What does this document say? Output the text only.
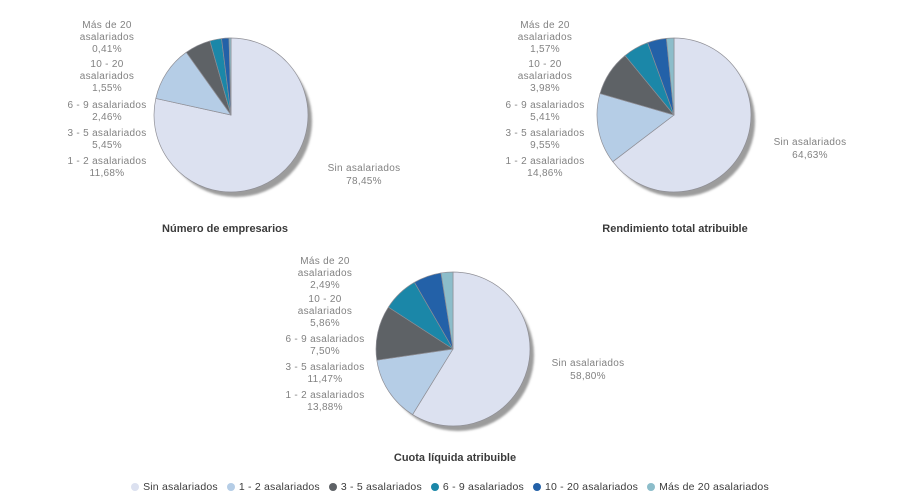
Más de 20
asalariados
0,41%
10 - 20
asalariados
1,55%
6 - 9 asalariados
2,46%
3 - 5 asalariados
5,45%
1 - 2 asalariados
11,68%	Sin asalariados
78,45%
Número de empresarios
Más de 20
asalariados
1,57%
10 - 20
asalariados
3,98%
6 - 9 asalariados
5,41%
3 - 5 asalariados
9,55%
1 - 2 asalariados
14,86%
Sin asalariados
64,63%
Rendimiento total atribuible
Más de 20
asalariados
2,49%
10 - 20
asalariados
5,86%
6 - 9 asalariados
7,50%
3 - 5 asalariados
11,47%
1 - 2 asalariados
13,88%
Sin asalariados
58,80%
Cuota líquida atribuible
Sin asalariados 1 - 2 asalariados 3 - 5 asalariados 6 - 9 asalariados 10 - 20 asalariados Más de 20 asalariados
